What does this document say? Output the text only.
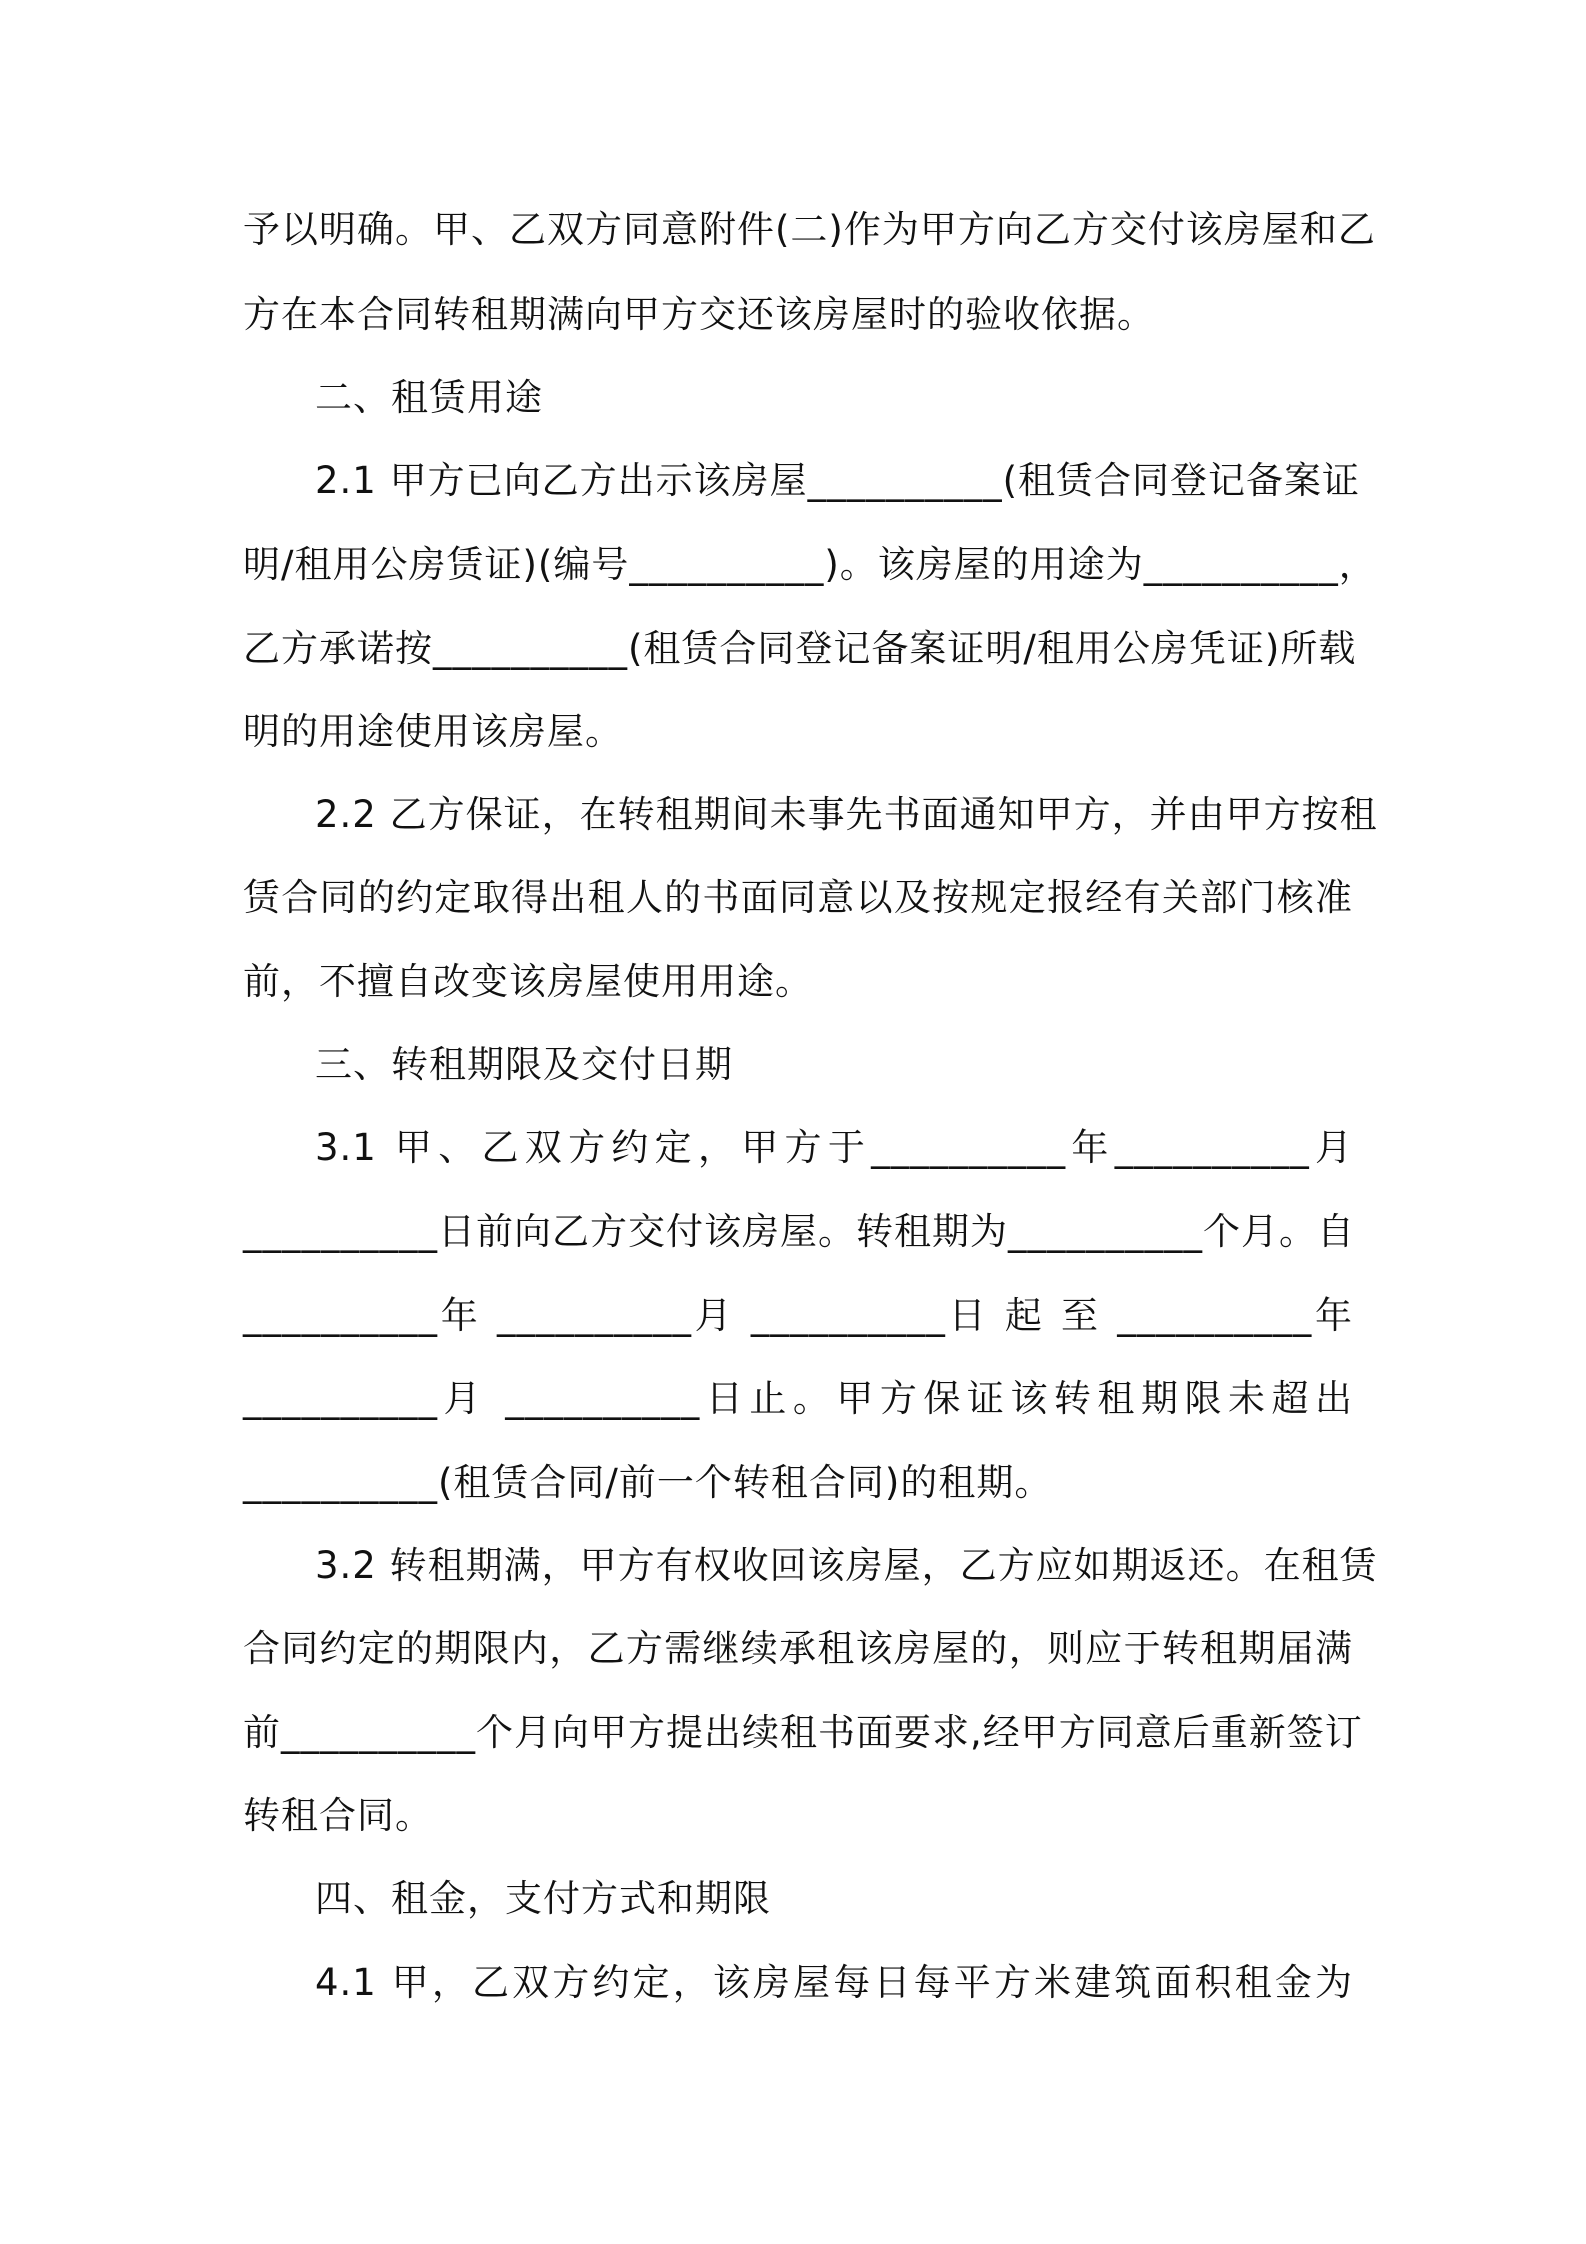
予以明确。甲、乙双方同意附件(二)作为甲方向乙方交付该房屋和乙
方在本合同转租期满向甲方交还该房屋时的验收依据。
二、租赁用途
2.1 甲方已向乙方出示该房屋__________(租赁合同登记备案证
明/租用公房赁证)(编号__________)。该房屋的用途为__________，
乙方承诺按__________(租赁合同登记备案证明/租用公房凭证)所载
明的用途使用该房屋。
2.2 乙方保证，在转租期间未事先书面通知甲方，并由甲方按租
赁合同的约定取得出租人的书面同意以及按规定报经有关部门核准
前，不擅自改变该房屋使用用途。
三、转租期限及交付日期
3.1 甲、乙双方约定，甲方于__________年__________月
__________日前向乙方交付该房屋。转租期为__________个月。自
__________年 __________月 __________日 起 至 __________年
__________月 __________日止。甲方保证该转租期限未超出
__________(租赁合同/前一个转租合同)的租期。
3.2 转租期满，甲方有权收回该房屋，乙方应如期返还。在租赁
合同约定的期限内，乙方需继续承租该房屋的，则应于转租期届满
前__________个月向甲方提出续租书面要求,经甲方同意后重新签订
转租合同。
四、租金，支付方式和期限
4.1 甲，乙双方约定，该房屋每日每平方米建筑面积租金为
